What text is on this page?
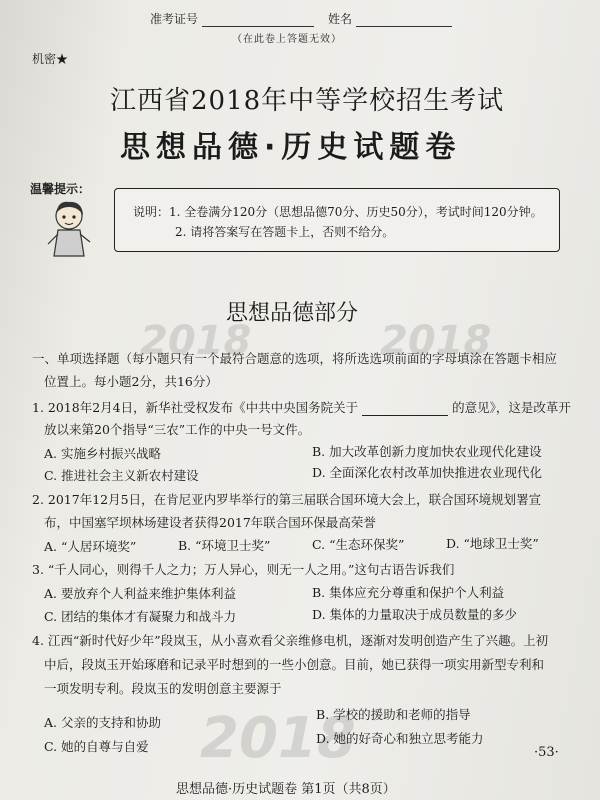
准考证号	姓名
（在此卷上答题无效）
机密★
江西省2018年中等学校招生考试
思想品德·历史试题卷
温馨提示：
说明：1. 全卷满分120分（思想品德70分、历史50分），考试时间120分钟。
2. 请将答案写在答题卡上，否则不给分。
思想品德部分
2018	2018
2018
一、单项选择题（每小题只有一个最符合题意的选项，将所选选项前面的字母填涂在答题卡相应
位置上。每小题2分，共16分）
1. 2018年2月4日，新华社受权发布《中共中央国务院关于	的意见》，这是改革开
放以来第20个指导“三农”工作的中央一号文件。
A. 实施乡村振兴战略	B. 加大改革创新力度加快农业现代化建设
C. 推进社会主义新农村建设	D. 全面深化农村改革加快推进农业现代化
2. 2017年12月5日，在肯尼亚内罗毕举行的第三届联合国环境大会上，联合国环境规划署宣
布，中国塞罕坝林场建设者获得2017年联合国环保最高荣誉
A. “人居环境奖”	B. “环境卫士奖”	C. “生态环保奖”	D. “地球卫士奖”
3. “千人同心，则得千人之力；万人异心，则无一人之用。”这句古语告诉我们
A. 要放弃个人利益来维护集体利益	B. 集体应充分尊重和保护个人利益
C. 团结的集体才有凝聚力和战斗力	D. 集体的力量取决于成员数量的多少
4. 江西“新时代好少年”段岚玉，从小喜欢看父亲维修电机，逐渐对发明创造产生了兴趣。上初
中后，段岚玉开始琢磨和记录平时想到的一些小创意。目前，她已获得一项实用新型专利和
一项发明专利。段岚玉的发明创意主要源于
A. 父亲的支持和协助
B. 学校的援助和老师的指导
C. 她的自尊与自爱
D. 她的好奇心和独立思考能力
思想品德·历史试题卷 第1页（共8页）
·53·
